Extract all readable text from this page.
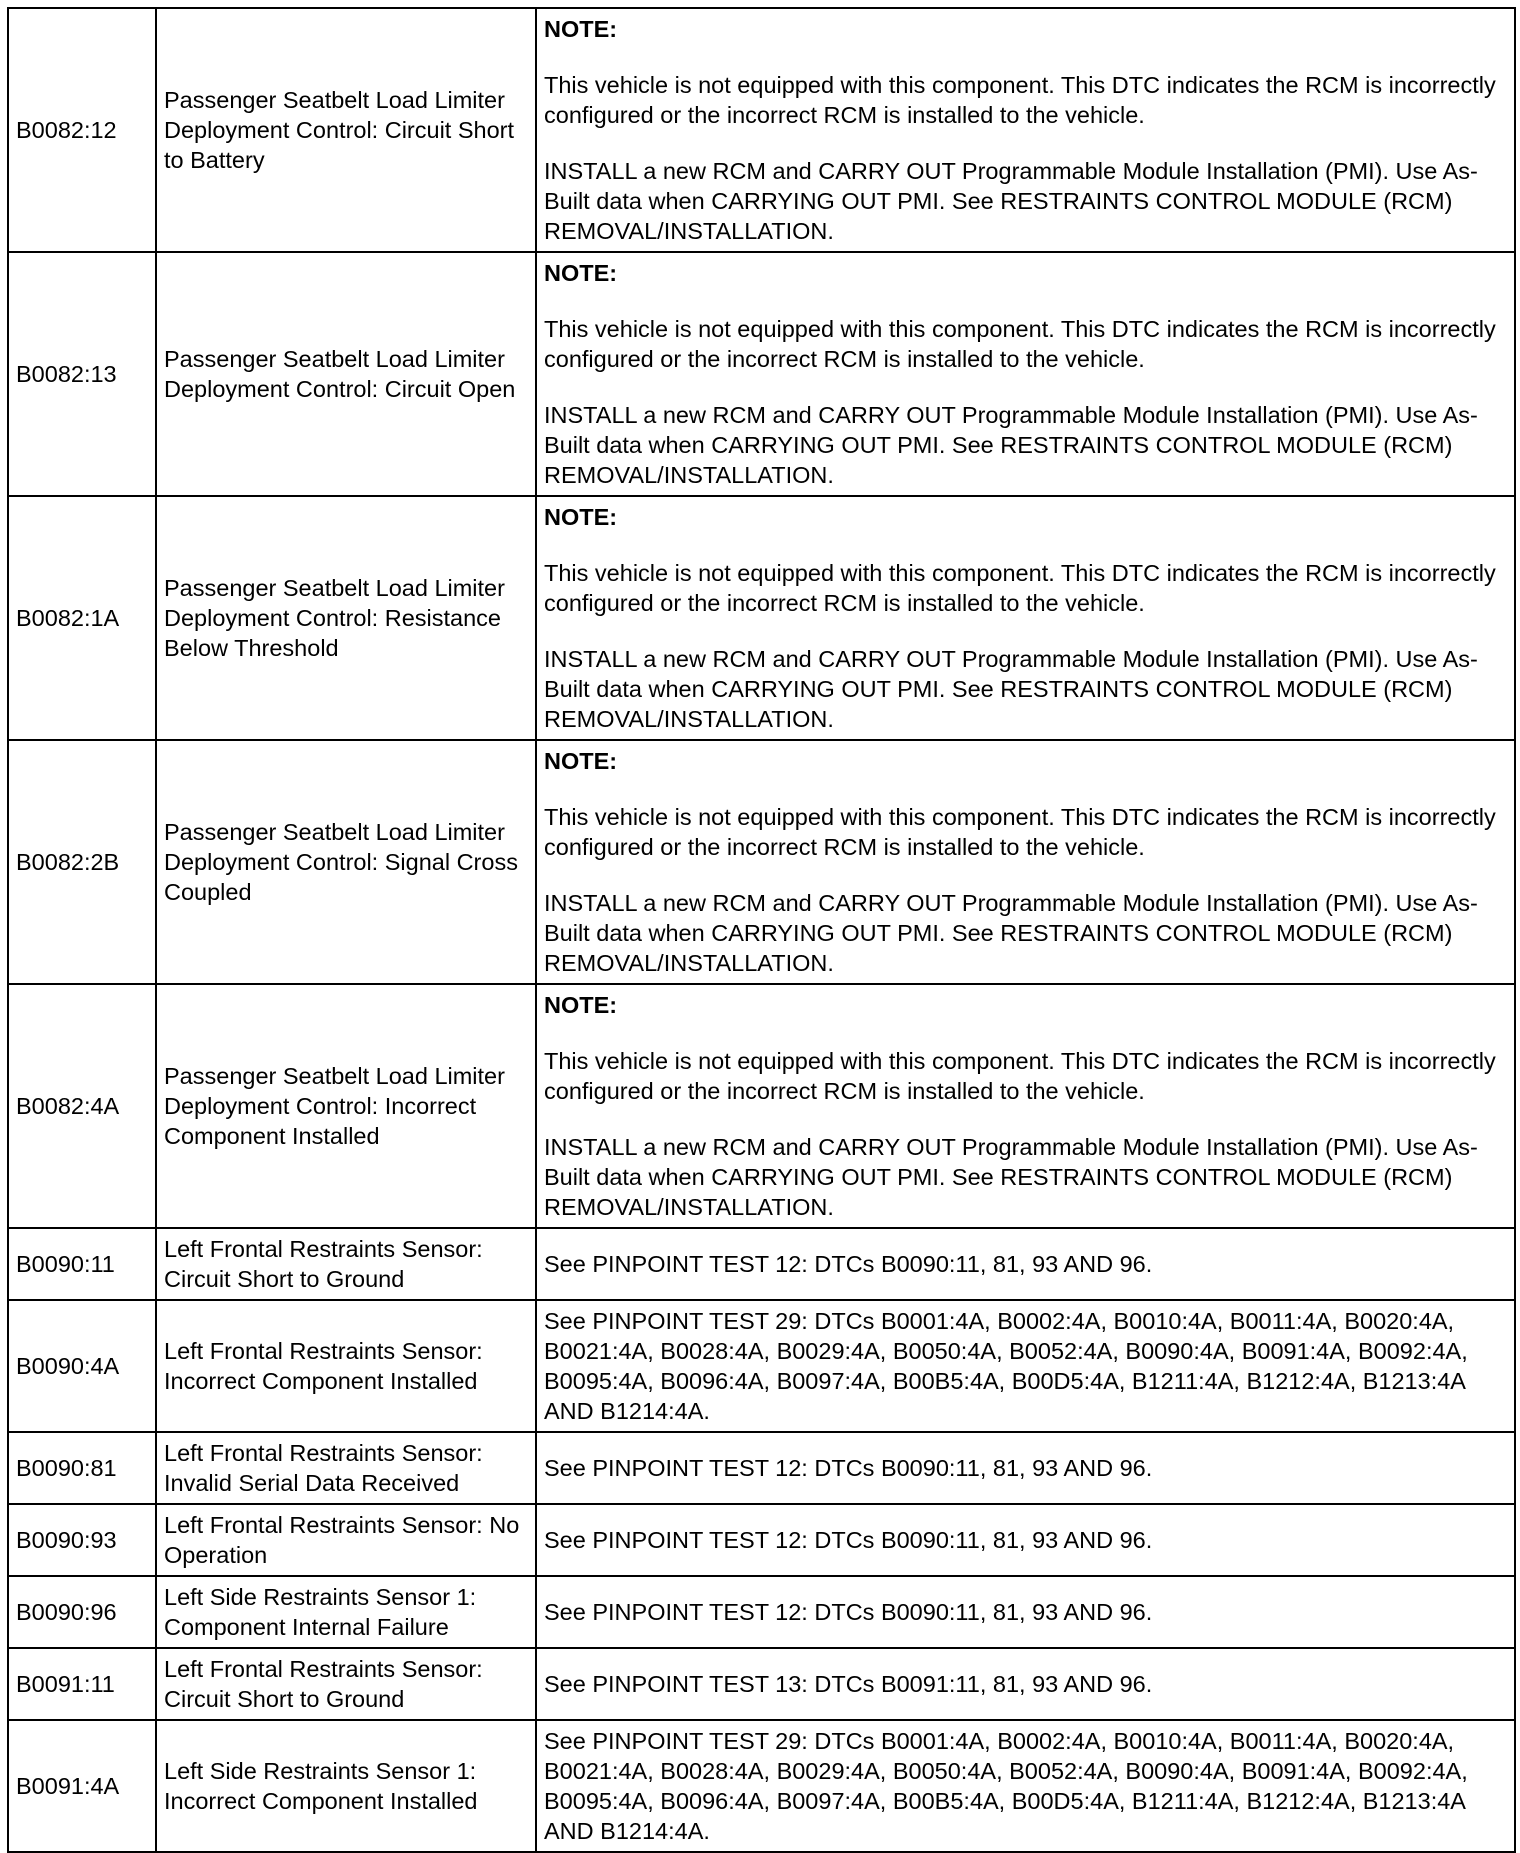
B0082:12	Passenger Seatbelt Load Limiter Deployment Control: Circuit Short to Battery	NOTE:
This vehicle is not equipped with this component. This DTC indicates the RCM is incorrectly configured or the incorrect RCM is installed to the vehicle.
INSTALL a new RCM and CARRY OUT Programmable Module Installation (PMI). Use As-Built data when CARRYING OUT PMI. See RESTRAINTS CONTROL MODULE (RCM) REMOVAL/INSTALLATION.

B0082:13	Passenger Seatbelt Load Limiter Deployment Control: Circuit Open	NOTE:
This vehicle is not equipped with this component. This DTC indicates the RCM is incorrectly configured or the incorrect RCM is installed to the vehicle.
INSTALL a new RCM and CARRY OUT Programmable Module Installation (PMI). Use As-Built data when CARRYING OUT PMI. See RESTRAINTS CONTROL MODULE (RCM) REMOVAL/INSTALLATION.

B0082:1A	Passenger Seatbelt Load Limiter Deployment Control: Resistance Below Threshold	NOTE:
This vehicle is not equipped with this component. This DTC indicates the RCM is incorrectly configured or the incorrect RCM is installed to the vehicle.
INSTALL a new RCM and CARRY OUT Programmable Module Installation (PMI). Use As-Built data when CARRYING OUT PMI. See RESTRAINTS CONTROL MODULE (RCM) REMOVAL/INSTALLATION.

B0082:2B	Passenger Seatbelt Load Limiter Deployment Control: Signal Cross Coupled	NOTE:
This vehicle is not equipped with this component. This DTC indicates the RCM is incorrectly configured or the incorrect RCM is installed to the vehicle.
INSTALL a new RCM and CARRY OUT Programmable Module Installation (PMI). Use As-Built data when CARRYING OUT PMI. See RESTRAINTS CONTROL MODULE (RCM) REMOVAL/INSTALLATION.

B0082:4A	Passenger Seatbelt Load Limiter Deployment Control: Incorrect Component Installed	NOTE:
This vehicle is not equipped with this component. This DTC indicates the RCM is incorrectly configured or the incorrect RCM is installed to the vehicle.
INSTALL a new RCM and CARRY OUT Programmable Module Installation (PMI). Use As-Built data when CARRYING OUT PMI. See RESTRAINTS CONTROL MODULE (RCM) REMOVAL/INSTALLATION.

B0090:11	Left Frontal Restraints Sensor: Circuit Short to Ground	See PINPOINT TEST 12: DTCs B0090:11, 81, 93 AND 96.

B0090:4A	Left Frontal Restraints Sensor: Incorrect Component Installed	See PINPOINT TEST 29: DTCs B0001:4A, B0002:4A, B0010:4A, B0011:4A, B0020:4A, B0021:4A, B0028:4A, B0029:4A, B0050:4A, B0052:4A, B0090:4A, B0091:4A, B0092:4A, B0095:4A, B0096:4A, B0097:4A, B00B5:4A, B00D5:4A, B1211:4A, B1212:4A, B1213:4A AND B1214:4A.

B0090:81	Left Frontal Restraints Sensor: Invalid Serial Data Received	See PINPOINT TEST 12: DTCs B0090:11, 81, 93 AND 96.

B0090:93	Left Frontal Restraints Sensor: No Operation	See PINPOINT TEST 12: DTCs B0090:11, 81, 93 AND 96.

B0090:96	Left Side Restraints Sensor 1: Component Internal Failure	See PINPOINT TEST 12: DTCs B0090:11, 81, 93 AND 96.

B0091:11	Left Frontal Restraints Sensor: Circuit Short to Ground	See PINPOINT TEST 13: DTCs B0091:11, 81, 93 AND 96.

B0091:4A	Left Side Restraints Sensor 1: Incorrect Component Installed	See PINPOINT TEST 29: DTCs B0001:4A, B0002:4A, B0010:4A, B0011:4A, B0020:4A, B0021:4A, B0028:4A, B0029:4A, B0050:4A, B0052:4A, B0090:4A, B0091:4A, B0092:4A, B0095:4A, B0096:4A, B0097:4A, B00B5:4A, B00D5:4A, B1211:4A, B1212:4A, B1213:4A AND B1214:4A.
